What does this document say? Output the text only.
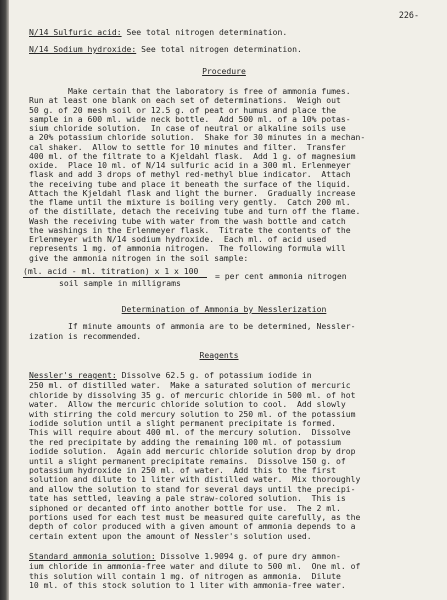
226-
N/14 Sulfuric acid: See total nitrogen determination.
N/14 Sodium hydroxide: See total nitrogen determination.
Procedure
Make certain that the laboratory is free of ammonia fumes.
Run at least one blank on each set of determinations.  Weigh out
50 g. of 20 mesh soil or 12.5 g. of peat or humus and place the
sample in a 600 ml. wide neck bottle.  Add 500 ml. of a 10% potas-
sium chloride solution.  In case of neutral or alkaline soils use
a 20% potassium chloride solution.  Shake for 30 minutes in a mechan-
cal shaker.  Allow to settle for 10 minutes and filter.  Transfer
400 ml. of the filtrate to a Kjeldahl flask.  Add 1 g. of magnesium
oxide.  Place 10 ml. of N/14 sulfuric acid in a 300 ml. Erlenmeyer
flask and add 3 drops of methyl red-methyl blue indicator.  Attach
the receiving tube and place it beneath the surface of the liquid.
Attach the Kjeldahl flask and light the burner.  Gradually increase
the flame until the mixture is boiling very gently.  Catch 200 ml.
of the distillate, detach the receiving tube and turn off the flame.
Wash the receiving tube with water from the wash bottle and catch
the washings in the Erlenmeyer flask.  Titrate the contents of the
Erlenmeyer with N/14 sodium hydroxide.  Each ml. of acid used
represents 1 mg. of ammonia nitrogen.  The following formula will
give the ammonia nitrogen in the soil sample:
(ml. acid - ml. titration) x 1 x 100
soil sample in milligrams
= per cent ammonia nitrogen
Determination of Ammonia by Nesslerization
If minute amounts of ammonia are to be determined, Nessler-
ization is recommended.
Reagents
Nessler's reagent: Dissolve 62.5 g. of potassium iodide in
250 ml. of distilled water.  Make a saturated solution of mercuric
chloride by dissolving 35 g. of mercuric chloride in 500 ml. of hot
water.  Allow the mercuric chloride solution to cool.  Add slowly
with stirring the cold mercury solution to 250 ml. of the potassium
iodide solution until a slight permanent precipitate is formed.
This will require about 400 ml. of the mercury solution.  Dissolve
the red precipitate by adding the remaining 100 ml. of potassium
iodide solution.  Again add mercuric chloride solution drop by drop
until a slight permanent precipitate remains.  Dissolve 150 g. of
potassium hydroxide in 250 ml. of water.  Add this to the first
solution and dilute to 1 liter with distilled water.  Mix thoroughly
and allow the solution to stand for several days until the precipi-
tate has settled, leaving a pale straw-colored solution.  This is
siphoned or decanted off into another bottle for use.  The 2 ml.
portions used for each test must be measured quite carefully, as the
depth of color produced with a given amount of ammonia depends to a
certain extent upon the amount of Nessler's solution used.
Standard ammonia solution: Dissolve 1.9094 g. of pure dry ammon-
ium chloride in ammonia-free water and dilute to 500 ml.  One ml. of
this solution will contain 1 mg. of nitrogen as ammonia.  Dilute
10 ml. of this stock solution to 1 liter with ammonia-free water.
